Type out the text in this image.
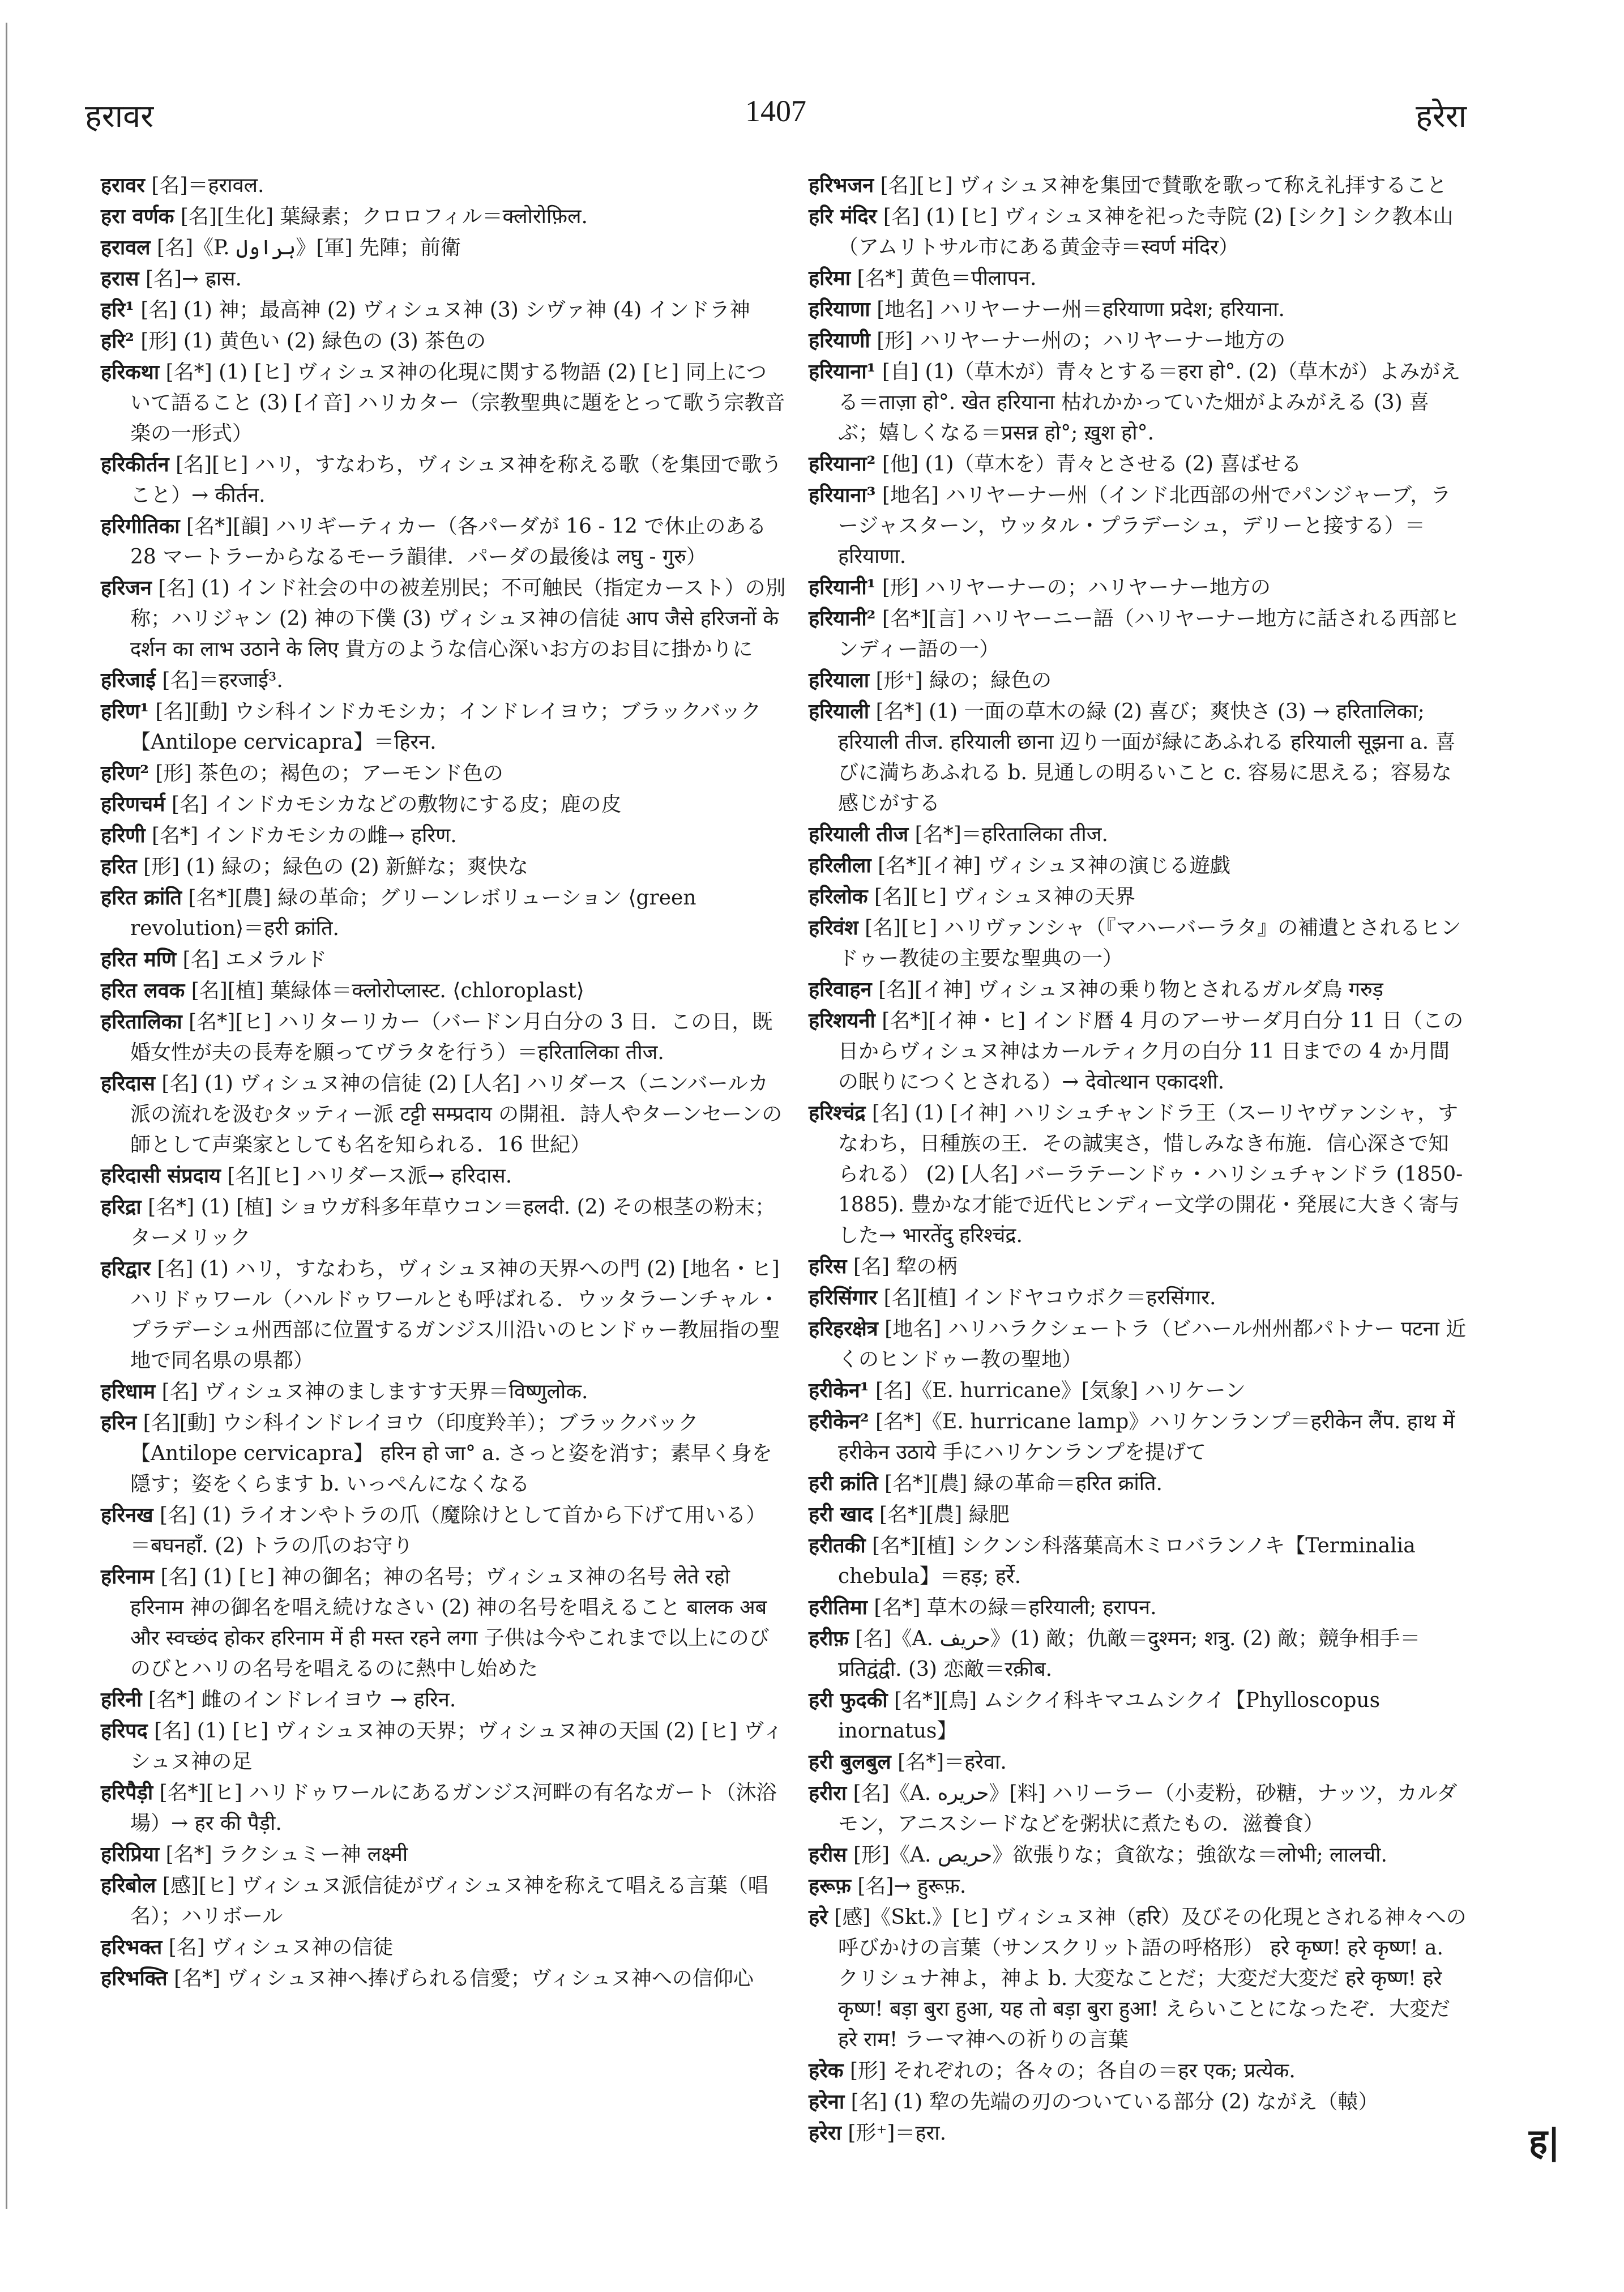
हरावर	1407	हरेरा

हरावर [名]＝हरावल.

हरा वर्णक [名][生化] 葉緑素；クロロフィル＝क्लोरोफ़िल.

हरावल [名]《P. ہراول》[軍] 先陣；前衛

हरास [名]→ ह्रास.

हरि¹ [名] (1) 神；最高神 (2) ヴィシュヌ神 (3) シヴァ神 (4) インドラ神

हरि² [形] (1) 黄色い (2) 緑色の (3) 茶色の

हरिकथा [名*] (1) [ヒ] ヴィシュヌ神の化現に関する物語 (2) [ヒ] 同上について語ること (3) [イ音] ハリカター（宗教聖典に題をとって歌う宗教音楽の一形式）

हरिकीर्तन [名][ヒ] ハリ，すなわち，ヴィシュヌ神を称える歌（を集団で歌うこと）→ कीर्तन.

हरिगीतिका [名*][韻] ハリギーティカー（各パーダが 16 - 12 で休止のある 28 マートラーからなるモーラ韻律．パーダの最後は लघु - गुरु）

हरिजन [名] (1) インド社会の中の被差別民；不可触民（指定カースト）の別称；ハリジャン (2) 神の下僕 (3) ヴィシュヌ神の信徒 आप जैसे हरिजनों के दर्शन का लाभ उठाने के लिए 貴方のような信心深いお方のお目に掛かりに

हरिजाई [名]＝हरजाई³.

हरिण¹ [名][動] ウシ科インドカモシカ；インドレイヨウ；ブラックバック【Antilope cervicapra】＝हिरन.

हरिण² [形] 茶色の；褐色の；アーモンド色の

हरिणचर्म [名] インドカモシカなどの敷物にする皮；鹿の皮

हरिणी [名*] インドカモシカの雌→ हरिण.

हरित [形] (1) 緑の；緑色の (2) 新鮮な；爽快な

हरित क्रांति [名*][農] 緑の革命；グリーンレボリューション ⟨green revolution⟩＝हरी क्रांति.

हरित मणि [名] エメラルド

हरित लवक [名][植] 葉緑体＝क्लोरोप्लास्ट. ⟨chloroplast⟩

हरितालिका [名*][ヒ] ハリターリカー（バードン月白分の 3 日．この日，既婚女性が夫の長寿を願ってヴラタを行う）＝हरितालिका तीज.

हरिदास [名] (1) ヴィシュヌ神の信徒 (2) [人名] ハリダース（ニンバールカ派の流れを汲むタッティー派 टट्टी सम्प्रदाय の開祖．詩人やターンセーンの師として声楽家としても名を知られる．16 世紀）

हरिदासी संप्रदाय [名][ヒ] ハリダース派→ हरिदास.

हरिद्रा [名*] (1) [植] ショウガ科多年草ウコン＝हलदी. (2) その根茎の粉末；ターメリック

हरिद्वार [名] (1) ハリ，すなわち，ヴィシュヌ神の天界への門 (2) [地名・ヒ] ハリドゥワール（ハルドゥワールとも呼ばれる．ウッタラーンチャル・プラデーシュ州西部に位置するガンジス川沿いのヒンドゥー教屈指の聖地で同名県の県都）

हरिधाम [名] ヴィシュヌ神のましますす天界＝विष्णुलोक.

हरिन [名][動] ウシ科インドレイヨウ（印度羚羊）；ブラックバック【Antilope cervicapra】 हरिन हो जा° a. さっと姿を消す；素早く身を隠す；姿をくらます b. いっぺんになくなる

हरिनख [名] (1) ライオンやトラの爪（魔除けとして首から下げて用いる）＝बघनहाँ. (2) トラの爪のお守り

हरिनाम [名] (1) [ヒ] 神の御名；神の名号；ヴィシュヌ神の名号 लेते रहो हरिनाम 神の御名を唱え続けなさい (2) 神の名号を唱えること बालक अब और स्वच्छंद होकर हरिनाम में ही मस्त रहने लगा 子供は今やこれまで以上にのびのびとハリの名号を唱えるのに熱中し始めた

हरिनी [名*] 雌のインドレイヨウ → हरिन.

हरिपद [名] (1) [ヒ] ヴィシュヌ神の天界；ヴィシュヌ神の天国 (2) [ヒ] ヴィシュヌ神の足

हरिपैड़ी [名*][ヒ] ハリドゥワールにあるガンジス河畔の有名なガート（沐浴場）→ हर की पैड़ी.

हरिप्रिया [名*] ラクシュミー神 लक्ष्मी

हरिबोल [感][ヒ] ヴィシュヌ派信徒がヴィシュヌ神を称えて唱える言葉（唱名）；ハリボール

हरिभक्त [名] ヴィシュヌ神の信徒

हरिभक्ति [名*] ヴィシュヌ神へ捧げられる信愛；ヴィシュヌ神への信仰心

हरिभजन [名][ヒ] ヴィシュヌ神を集団で賛歌を歌って称え礼拝すること

हरि मंदिर [名] (1) [ヒ] ヴィシュヌ神を祀った寺院 (2) [シク] シク教本山（アムリトサル市にある黄金寺＝स्वर्ण मंदिर）

हरिमा [名*] 黄色＝पीलापन.

हरियाणा [地名] ハリヤーナー州＝हरियाणा प्रदेश; हरियाना.

हरियाणी [形] ハリヤーナー州の；ハリヤーナー地方の

हरियाना¹ [自] (1)（草木が）青々とする＝हरा हो°. (2)（草木が）よみがえる＝ताज़ा हो°. खेत हरियाना 枯れかかっていた畑がよみがえる (3) 喜ぶ；嬉しくなる＝प्रसन्न हो°; ख़ुश हो°.

हरियाना² [他] (1)（草木を）青々とさせる (2) 喜ばせる

हरियाना³ [地名] ハリヤーナー州（インド北西部の州でパンジャーブ，ラージャスターン，ウッタル・プラデーシュ，デリーと接する）＝हरियाणा.

हरियानी¹ [形] ハリヤーナーの；ハリヤーナー地方の

हरियानी² [名*][言] ハリヤーニー語（ハリヤーナー地方に話される西部ヒンディー語の一）

हरियाला [形⁺] 緑の；緑色の

हरियाली [名*] (1) 一面の草木の緑 (2) 喜び；爽快さ (3) → हरितालिका; हरियाली तीज. हरियाली छाना 辺り一面が緑にあふれる हरियाली सूझना a. 喜びに満ちあふれる b. 見通しの明るいこと c. 容易に思える；容易な感じがする

हरियाली तीज [名*]＝हरितालिका तीज.

हरिलीला [名*][イ神] ヴィシュヌ神の演じる遊戯

हरिलोक [名][ヒ] ヴィシュヌ神の天界

हरिवंश [名][ヒ] ハリヴァンシャ（『マハーバーラタ』の補遺とされるヒンドゥー教徒の主要な聖典の一）

हरिवाहन [名][イ神] ヴィシュヌ神の乗り物とされるガルダ鳥 गरुड़

हरिशयनी [名*][イ神・ヒ] インド暦 4 月のアーサーダ月白分 11 日（この日からヴィシュヌ神はカールティク月の白分 11 日までの 4 か月間の眠りにつくとされる）→ देवोत्थान एकादशी.

हरिश्चंद्र [名] (1) [イ神] ハリシュチャンドラ王（スーリヤヴァンシャ，すなわち，日種族の王．その誠実さ，惜しみなき布施．信心深さで知られる） (2) [人名] バーラテーンドゥ・ハリシュチャンドラ (1850-1885). 豊かな才能で近代ヒンディー文学の開花・発展に大きく寄与した→ भारतेंदु हरिश्चंद्र.

हरिस [名] 犂の柄

हरिसिंगार [名][植] インドヤコウボク＝हरसिंगार.

हरिहरक्षेत्र [地名] ハリハラクシェートラ（ビハール州州都パトナー पटना 近くのヒンドゥー教の聖地）

हरीकेन¹ [名]《E. hurricane》[気象] ハリケーン

हरीकेन² [名*]《E. hurricane lamp》ハリケンランプ＝हरीकेन लैंप. हाथ में हरीकेन उठाये 手にハリケンランプを提げて

हरी क्रांति [名*][農] 緑の革命＝हरित क्रांति.

हरी खाद [名*][農] 緑肥

हरीतकी [名*][植] シクンシ科落葉高木ミロバランノキ【Terminalia chebula】＝हड़; हर्रे.

हरीतिमा [名*] 草木の緑＝हरियाली; हरापन.

हरीफ़ [名]《A. حریف》(1) 敵；仇敵＝दुश्मन; शत्रु. (2) 敵；競争相手＝प्रतिद्वंद्वी. (3) 恋敵＝रक़ीब.

हरी फुदकी [名*][鳥] ムシクイ科キマユムシクイ【Phylloscopus inornatus】

हरी बुलबुल [名*]＝हरेवा.

हरीरा [名]《A. حریره》[料] ハリーラー（小麦粉，砂糖，ナッツ，カルダモン，アニスシードなどを粥状に煮たもの．滋養食）

हरीस [形]《A. حریص》欲張りな；貪欲な；強欲な＝लोभी; लालची.

हरूफ़ [名]→ हुरूफ़.

हरे [感]《Skt.》[ヒ] ヴィシュヌ神（हरि）及びその化現とされる神々への呼びかけの言葉（サンスクリット語の呼格形） हरे कृष्ण! हरे कृष्ण! a. クリシュナ神よ，神よ b. 大変なことだ；大変だ大変だ हरे कृष्ण! हरे कृष्ण! बड़ा बुरा हुआ, यह तो बड़ा बुरा हुआ! えらいことになったぞ．大変だ हरे राम! ラーマ神への祈りの言葉

हरेक [形] それぞれの；各々の；各自の＝हर एक; प्रत्येक.

हरेना [名] (1) 犂の先端の刃のついている部分 (2) ながえ（轅）

हरेरा [形⁺]＝हरा.	ह|
